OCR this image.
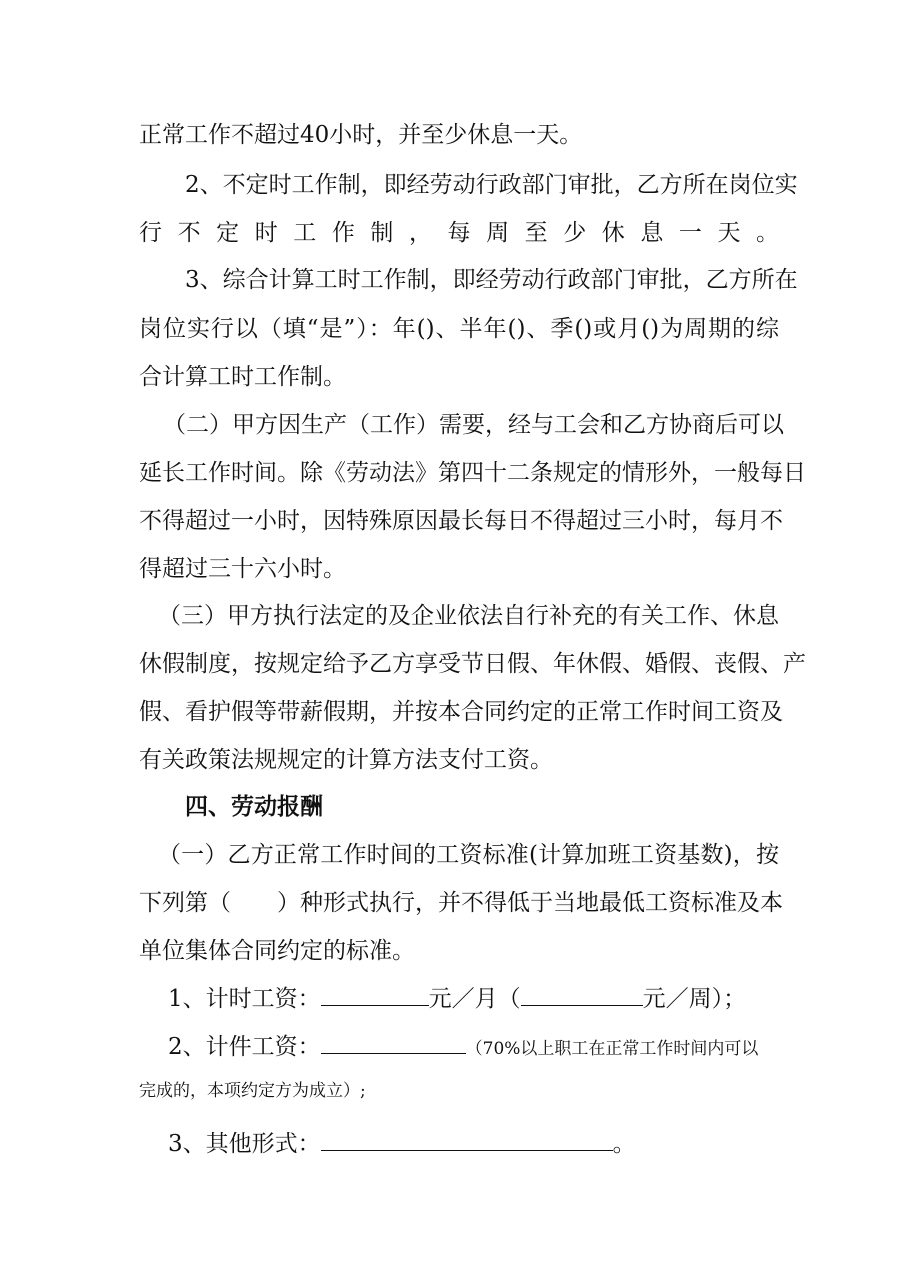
正常工作不超过40小时，并至少休息一天。
2、不定时工作制，即经劳动行政部门审批，乙方所在岗位实
行不定时工作制，每周至少休息一天。
3、综合计算工时工作制，即经劳动行政部门审批，乙方所在
岗位实行以（填“是”）：年()、半年()、季()或月()为周期的综
合计算工时工作制。
（二）甲方因生产（工作）需要，经与工会和乙方协商后可以
延长工作时间。除《劳动法》第四十二条规定的情形外，一般每日
不得超过一小时，因特殊原因最长每日不得超过三小时，每月不
得超过三十六小时。
（三）甲方执行法定的及企业依法自行补充的有关工作、休息
休假制度，按规定给予乙方享受节日假、年休假、婚假、丧假、产
假、看护假等带薪假期，并按本合同约定的正常工作时间工资及
有关政策法规规定的计算方法支付工资。
四、劳动报酬
（一）乙方正常工作时间的工资标准(计算加班工资基数)，按
下列第（　　）种形式执行，并不得低于当地最低工资标准及本
单位集体合同约定的标准。
1、计时工资：	元／月（	元／周）；
2、计件工资：	（70%以上职工在正常工作时间内可以
完成的，本项约定方为成立）;
3、其他形式：	。
